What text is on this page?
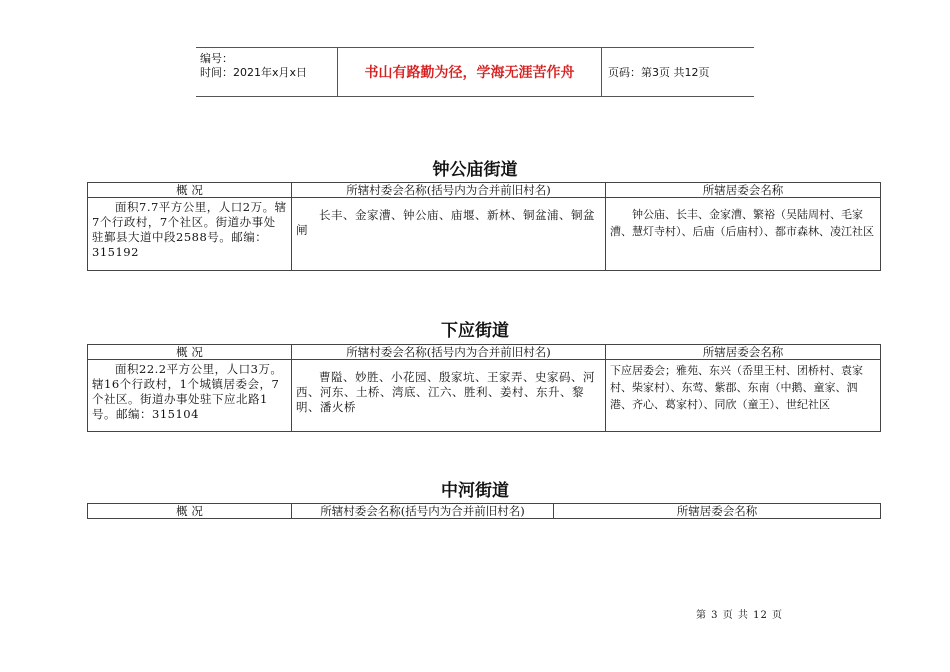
编号：
时间：2021年x月x日	书山有路勤为径，学海无涯苦作舟	页码：第3页 共12页
钟公庙街道
概 况	所辖村委会名称(括号内为合并前旧村名)	所辖居委会名称
面积7.7平方公里，人口2万。辖7个行政村，7个社区。街道办事处驻鄞县大道中段2588号。邮编：315192	长丰、金家漕、钟公庙、庙堰、新林、铜盆浦、铜盆闸	钟公庙、长丰、金家漕、繁裕（吴陆周村、毛家漕、慧灯寺村）、后庙（后庙村）、都市森林、凌江社区
下应街道
概 况	所辖村委会名称(括号内为合并前旧村名)	所辖居委会名称
面积22.2平方公里，人口3万。辖16个行政村，1个城镇居委会，7个社区。街道办事处驻下应北路1号。邮编：315104	曹隘、妙胜、小花园、殷家坑、王家弄、史家码、河西、河东、土桥、湾底、江六、胜利、姜村、东升、黎明、潘火桥	下应居委会；雅苑、东兴（岙里王村、团桥村、袁家村、柴家村）、东莺、紫郡、东南（中鹅、童家、泗港、齐心、葛家村）、同欣（童王）、世纪社区
中河街道
概 况	所辖村委会名称(括号内为合并前旧村名)	所辖居委会名称
第 3 页 共 12 页
